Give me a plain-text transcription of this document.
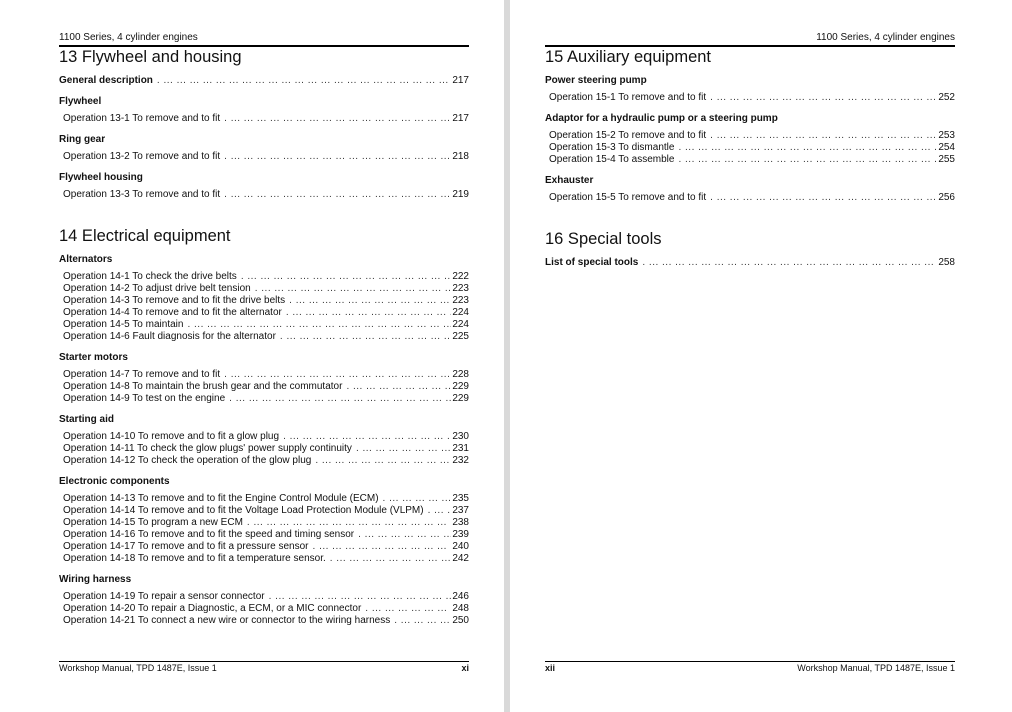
1100 Series, 4 cylinder engines
13 Flywheel and housing
General description . ...	217
Flywheel
Operation 13-1 To remove and to fit . ...	217
Ring gear
Operation 13-2 To remove and to fit . ...	218
Flywheel housing
Operation 13-3 To remove and to fit . ...	219
14 Electrical equipment
Alternators
Operation 14-1 To check the drive belts . ...	222
Operation 14-2 To adjust drive belt tension . ...	223
Operation 14-3 To remove and to fit the drive belts . ...	223
Operation 14-4 To remove and to fit the alternator . ...	224
Operation 14-5 To maintain . ...	224
Operation 14-6 Fault diagnosis for the alternator . ...	225
Starter motors
Operation 14-7 To remove and to fit . ...	228
Operation 14-8 To maintain the brush gear and the commutator . ...	229
Operation 14-9 To test on the engine . ...	229
Starting aid
Operation 14-10 To remove and to fit a glow plug . ...	230
Operation 14-11 To check the glow plugs' power supply continuity . ...	231
Operation 14-12 To check the operation of the glow plug . ...	232
Electronic components
Operation 14-13 To remove and to fit the Engine Control Module (ECM) . ...	235
Operation 14-14 To remove and to fit the Voltage Load Protection Module (VLPM) . ...	237
Operation 14-15 To program a new ECM . ...	238
Operation 14-16 To remove and to fit the speed and timing sensor . ...	239
Operation 14-17 To remove and to fit a pressure sensor . ...	240
Operation 14-18 To remove and to fit a temperature sensor. . ...	242
Wiring harness
Operation 14-19 To repair a sensor connector . ...	246
Operation 14-20 To repair a Diagnostic, a ECM, or a MIC connector . ...	248
Operation 14-21 To connect a new wire or connector to the wiring harness . ...	250
Workshop Manual, TPD 1487E, Issue 1	xi
1100 Series, 4 cylinder engines
15 Auxiliary equipment
Power steering pump
Operation 15-1 To remove and to fit . ...	252
Adaptor for a hydraulic pump or a steering pump
Operation 15-2 To remove and to fit . ...	253
Operation 15-3 To dismantle . ...	254
Operation 15-4 To assemble . ...	255
Exhauster
Operation 15-5 To remove and to fit . ...	256
16 Special tools
List of special tools . ...	258
xii	Workshop Manual, TPD 1487E, Issue 1
